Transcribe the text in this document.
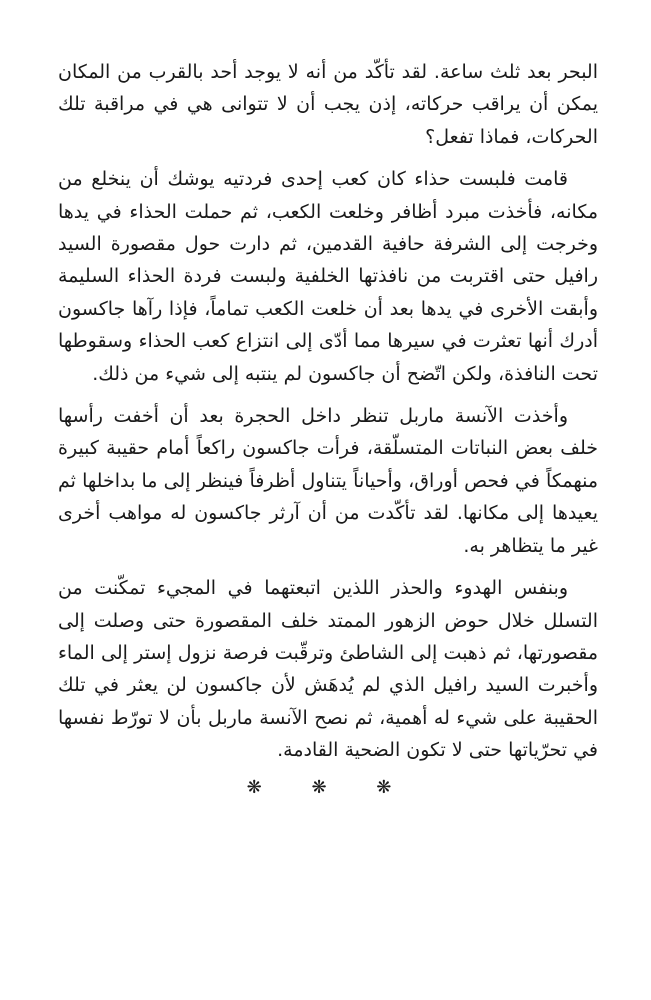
البحر بعد ثلث ساعة. لقد تأكّد من أنه لا يوجد أحد بالقرب من المكان يمكن أن يراقب حركاته، إذن يجب أن لا تتوانى هي في مراقبة تلك الحركات، فماذا تفعل؟

قامت فلبست حذاء كان كعب إحدى فردتيه يوشك أن ينخلع من مكانه، فأخذت مبرد أظافر وخلعت الكعب، ثم حملت الحذاء في يدها وخرجت إلى الشرفة حافية القدمين، ثم دارت حول مقصورة السيد رافيل حتى اقتربت من نافذتها الخلفية ولبست فردة الحذاء السليمة وأبقت الأخرى في يدها بعد أن خلعت الكعب تماماً، فإذا رآها جاكسون أدرك أنها تعثرت في سيرها مما أدّى إلى انتزاع كعب الحذاء وسقوطها تحت النافذة، ولكن اتّضح أن جاكسون لم ينتبه إلى شيء من ذلك.

وأخذت الآنسة ماربل تنظر داخل الحجرة بعد أن أخفت رأسها خلف بعض النباتات المتسلّقة، فرأت جاكسون راكعاً أمام حقيبة كبيرة منهمكاً في فحص أوراق، وأحياناً يتناول أظرفاً فينظر إلى ما بداخلها ثم يعيدها إلى مكانها. لقد تأكّدت من أن آرثر جاكسون له مواهب أخرى غير ما يتظاهر به.

وبنفس الهدوء والحذر اللذين اتبعتهما في المجيء تمكّنت من التسلل خلال حوض الزهور الممتد خلف المقصورة حتى وصلت إلى مقصورتها، ثم ذهبت إلى الشاطئ وترقّبت فرصة نزول إستر إلى الماء وأخبرت السيد رافيل الذي لم يُدهَش لأن جاكسون لن يعثر في تلك الحقيبة على شيء له أهمية، ثم نصح الآنسة ماربل بأن لا تورّط نفسها في تحرّياتها حتى لا تكون الضحية القادمة.

❋ ❋ ❋
